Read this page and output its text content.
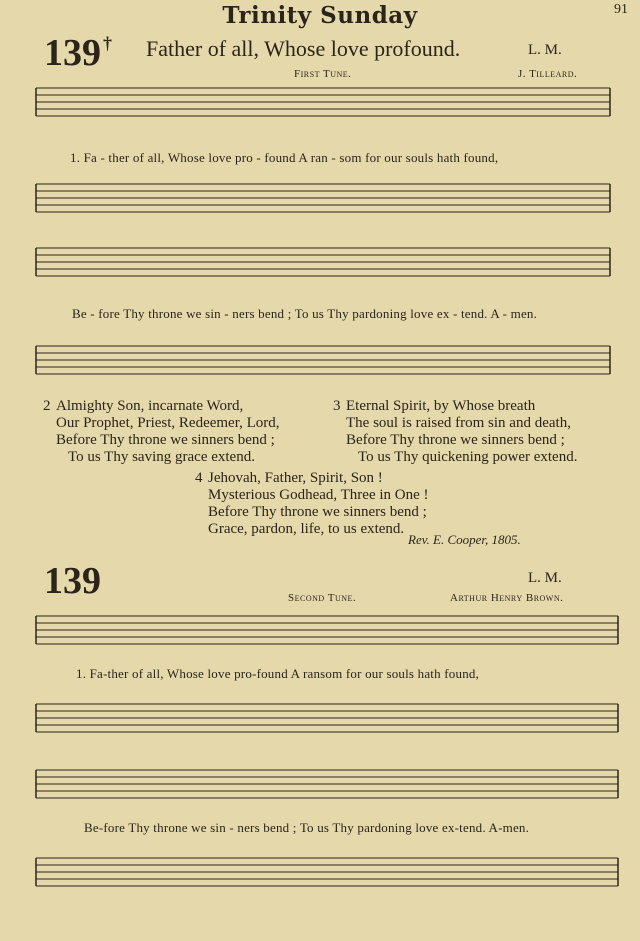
Trinity Sunday	91
139 † Father of all, Whose love profound.	L. M.
First Tune.	J. Tilleard.
1. Fa - ther of all, Whose love pro - found A ran - som for our souls hath found,
Be - fore Thy throne we sin - ners bend ; To us Thy pardoning love ex - tend. A - men.
2 Almighty Son, incarnate Word,
Our Prophet, Priest, Redeemer, Lord,
Before Thy throne we sinners bend ;
To us Thy saving grace extend.
3 Eternal Spirit, by Whose breath
The soul is raised from sin and death,
Before Thy throne we sinners bend ;
To us Thy quickening power extend.
4 Jehovah, Father, Spirit, Son !
Mysterious Godhead, Three in One !
Before Thy throne we sinners bend ;
Grace, pardon, life, to us extend.
Rev. E. Cooper, 1805.
139	L. M.
Second Tune.	Arthur Henry Brown.
1. Fa-ther of all, Whose love pro-found A ransom for our souls hath found,
Be-fore Thy throne we sin - ners bend ; To us Thy pardoning love ex-tend. A-men.
